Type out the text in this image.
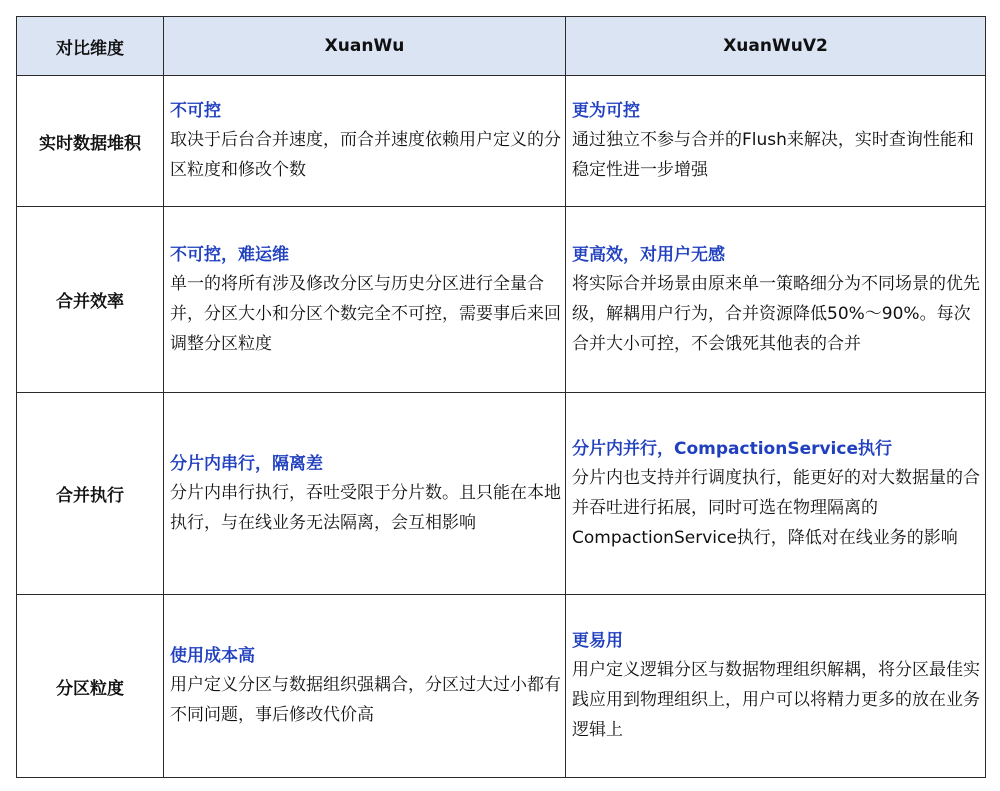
对比维度	XuanWu	XuanWuV2
实时数据堆积	不可控
取决于后台合并速度，而合并速度依赖用户定义的分区粒度和修改个数	更为可控
通过独立不参与合并的Flush来解决，实时查询性能和稳定性进一步增强

合并效率	不可控，难运维
单一的将所有涉及修改分区与历史分区进行全量合并，分区大小和分区个数完全不可控，需要事后来回调整分区粒度	更高效，对用户无感
将实际合并场景由原来单一策略细分为不同场景的优先级，解耦用户行为，合并资源降低50%～90%。每次合并大小可控，不会饿死其他表的合并

合并执行	分片内串行，隔离差
分片内串行执行，吞吐受限于分片数。且只能在本地执行，与在线业务无法隔离，会互相影响	分片内并行，CompactionService执行
分片内也支持并行调度执行，能更好的对大数据量的合并吞吐进行拓展，同时可选在物理隔离的CompactionService执行，降低对在线业务的影响

分区粒度	使用成本高
用户定义分区与数据组织强耦合，分区过大过小都有不同问题，事后修改代价高	更易用
用户定义逻辑分区与数据物理组织解耦，将分区最佳实践应用到物理组织上，用户可以将精力更多的放在业务逻辑上
